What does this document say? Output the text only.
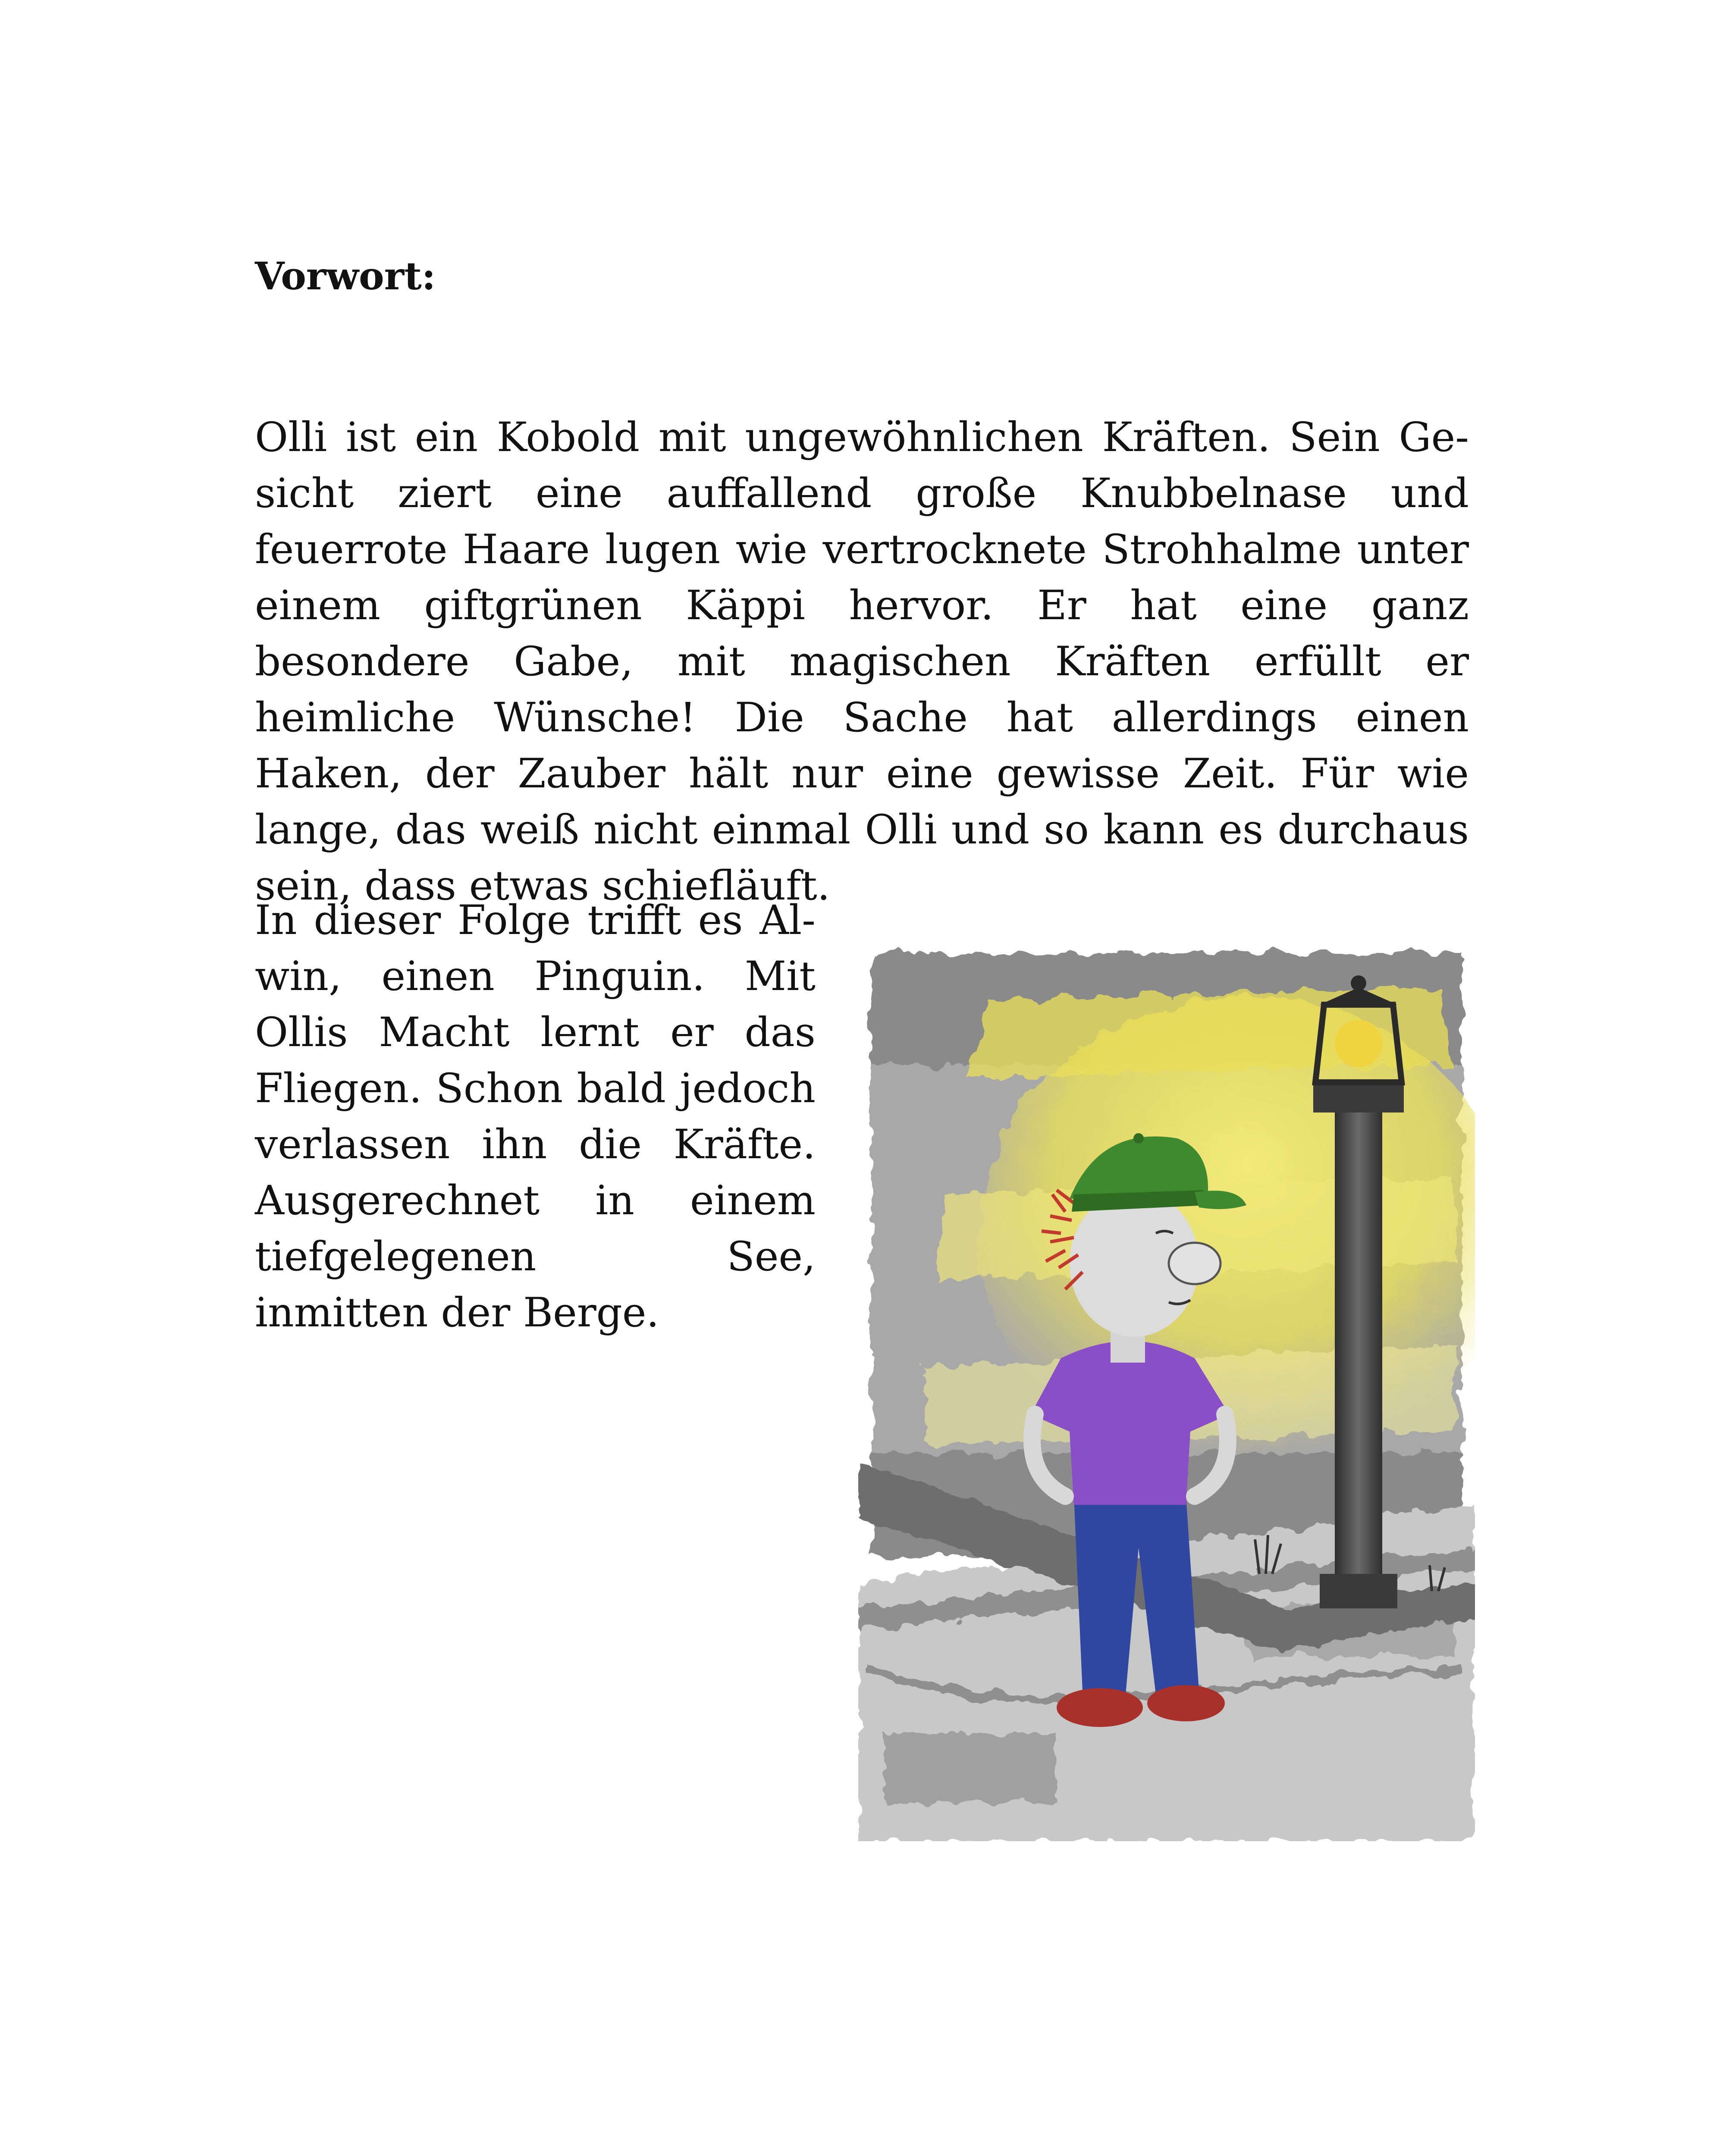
Vorwort:

Olli ist ein Kobold mit ungewöhnlichen Kräften. Sein Gesicht ziert eine auffallend große Knubbelnase und feuerrote Haare lugen wie vertrocknete Strohhalme unter einem giftgrünen Käppi hervor. Er hat eine ganz besondere Gabe, mit magischen Kräften erfüllt er heimliche Wünsche! Die Sache hat allerdings einen Haken, der Zauber hält nur eine gewisse Zeit. Für wie lange, das weiß nicht einmal Olli und so kann es durchaus sein, dass etwas schiefläuft.

In dieser Folge trifft es Alwin, einen Pinguin. Mit Ollis Macht lernt er das Fliegen. Schon bald jedoch verlassen ihn die Kräfte. Ausgerechnet in einem tiefgelegenen See, inmitten der Berge.
